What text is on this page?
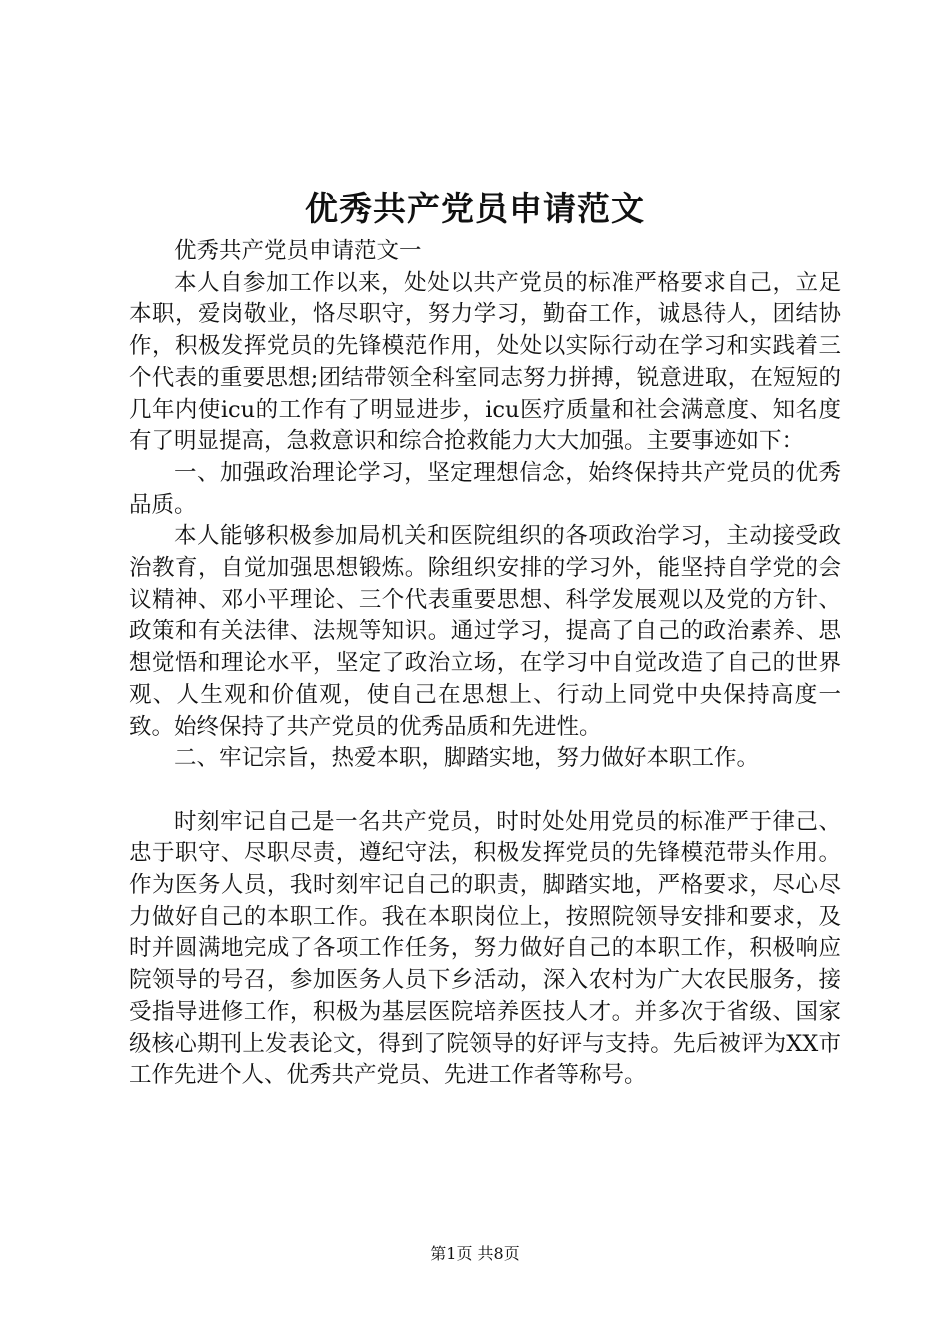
优秀共产党员申请范文

优秀共产党员申请范文一

本人自参加工作以来，处处以共产党员的标准严格要求自己，立足本职，爱岗敬业，恪尽职守，努力学习，勤奋工作，诚恳待人，团结协作，积极发挥党员的先锋模范作用，处处以实际行动在学习和实践着三个代表的重要思想;团结带领全科室同志努力拼搏，锐意进取，在短短的几年内使icu的工作有了明显进步，icu医疗质量和社会满意度、知名度有了明显提高，急救意识和综合抢救能力大大加强。主要事迹如下：

一、加强政治理论学习，坚定理想信念，始终保持共产党员的优秀品质。

本人能够积极参加局机关和医院组织的各项政治学习，主动接受政治教育，自觉加强思想锻炼。除组织安排的学习外，能坚持自学党的会议精神、邓小平理论、三个代表重要思想、科学发展观以及党的方针、政策和有关法律、法规等知识。通过学习，提高了自己的政治素养、思想觉悟和理论水平，坚定了政治立场，在学习中自觉改造了自己的世界观、人生观和价值观，使自己在思想上、行动上同党中央保持高度一致。始终保持了共产党员的优秀品质和先进性。

二、牢记宗旨，热爱本职，脚踏实地，努力做好本职工作。

时刻牢记自己是一名共产党员，时时处处用党员的标准严于律己、忠于职守、尽职尽责，遵纪守法，积极发挥党员的先锋模范带头作用。作为医务人员，我时刻牢记自己的职责，脚踏实地，严格要求，尽心尽力做好自己的本职工作。我在本职岗位上，按照院领导安排和要求，及时并圆满地完成了各项工作任务，努力做好自己的本职工作，积极响应院领导的号召，参加医务人员下乡活动，深入农村为广大农民服务，接受指导进修工作，积极为基层医院培养医技人才。并多次于省级、国家级核心期刊上发表论文，得到了院领导的好评与支持。先后被评为XX市工作先进个人、优秀共产党员、先进工作者等称号。

第1页 共8页
